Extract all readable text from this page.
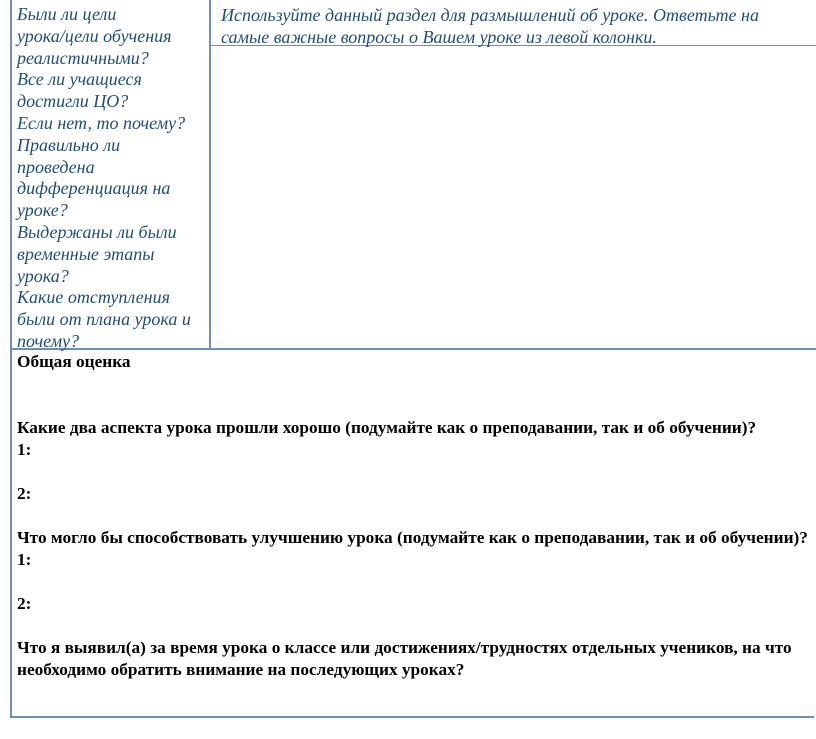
Были ли цели
урока/цели обучения
реалистичными?
Все ли учащиеся
достигли ЦО?
Если нет, то почему?
Правильно ли
проведена
дифференциация на
уроке?
Выдержаны ли были
временные этапы
урока?
Какие отступления
были от плана урока и
почему?
Используйте данный раздел для размышлений об уроке. Ответьте на самые важные вопросы о Вашем уроке из левой колонки.
Общая оценка
Какие два аспекта урока прошли хорошо (подумайте как о преподавании, так и об обучении)?
1:
2:
Что могло бы способствовать улучшению урока (подумайте как о преподавании, так и об обучении)?
1:
2:
Что я выявил(а) за время урока о классе или достижениях/трудностях отдельных учеников, на что необходимо обратить внимание на последующих уроках?
